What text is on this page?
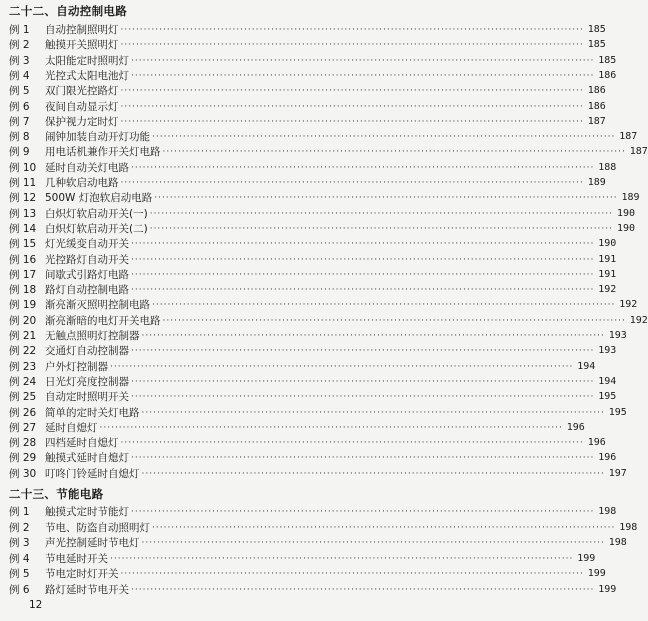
二十二、自动控制电路
例 1	自动控制照明灯 ························································································································ 185
例 2	触摸开关照明灯 ························································································································ 185
例 3	太阳能定时照明灯 ························································································································ 185
例 4	光控式太阳电池灯 ························································································································ 186
例 5	双门限光控路灯 ························································································································ 186
例 6	夜间自动显示灯 ························································································································ 186
例 7	保护视力定时灯 ························································································································ 187
例 8	闹钟加装自动开灯功能 ························································································································ 187
例 9	用电话机兼作开关灯电路 ························································································································ 187
例 10 延时自动关灯电路 ························································································································ 188
例 11 几种软启动电路 ························································································································ 189
例 12 500W 灯泡软启动电路 ························································································································ 189
例 13 白炽灯软启动开关(一) ························································································································ 190
例 14 白炽灯软启动开关(二) ························································································································ 190
例 15 灯光缓变自动开关 ························································································································ 190
例 16 光控路灯自动开关 ························································································································ 191
例 17 间歇式引路灯电路 ························································································································ 191
例 18 路灯自动控制电路 ························································································································ 192
例 19 渐亮渐灭照明控制电路 ························································································································ 192
例 20 渐亮渐暗的电灯开关电路 ························································································································ 192
例 21 无触点照明灯控制器 ························································································································ 193
例 22 交通灯自动控制器 ························································································································ 193
例 23 户外灯控制器 ························································································································ 194
例 24 日光灯亮度控制器 ························································································································ 194
例 25 自动定时照明开关 ························································································································ 195
例 26 简单的定时关灯电路 ························································································································ 195
例 27 延时自熄灯 ························································································································ 196
例 28 四档延时自熄灯 ························································································································ 196
例 29 触摸式延时自熄灯 ························································································································ 196
例 30 叮咚门铃延时自熄灯 ························································································································ 197
二十三、节能电路
例 1	触摸式定时节能灯 ························································································································ 198
例 2	节电、防盗自动照明灯 ························································································································ 198
例 3	声光控制延时节电灯 ························································································································ 198
例 4	节电延时开关 ························································································································ 199
例 5	节电定时灯开关 ························································································································ 199
例 6	路灯延时节电开关 ························································································································ 199
12
